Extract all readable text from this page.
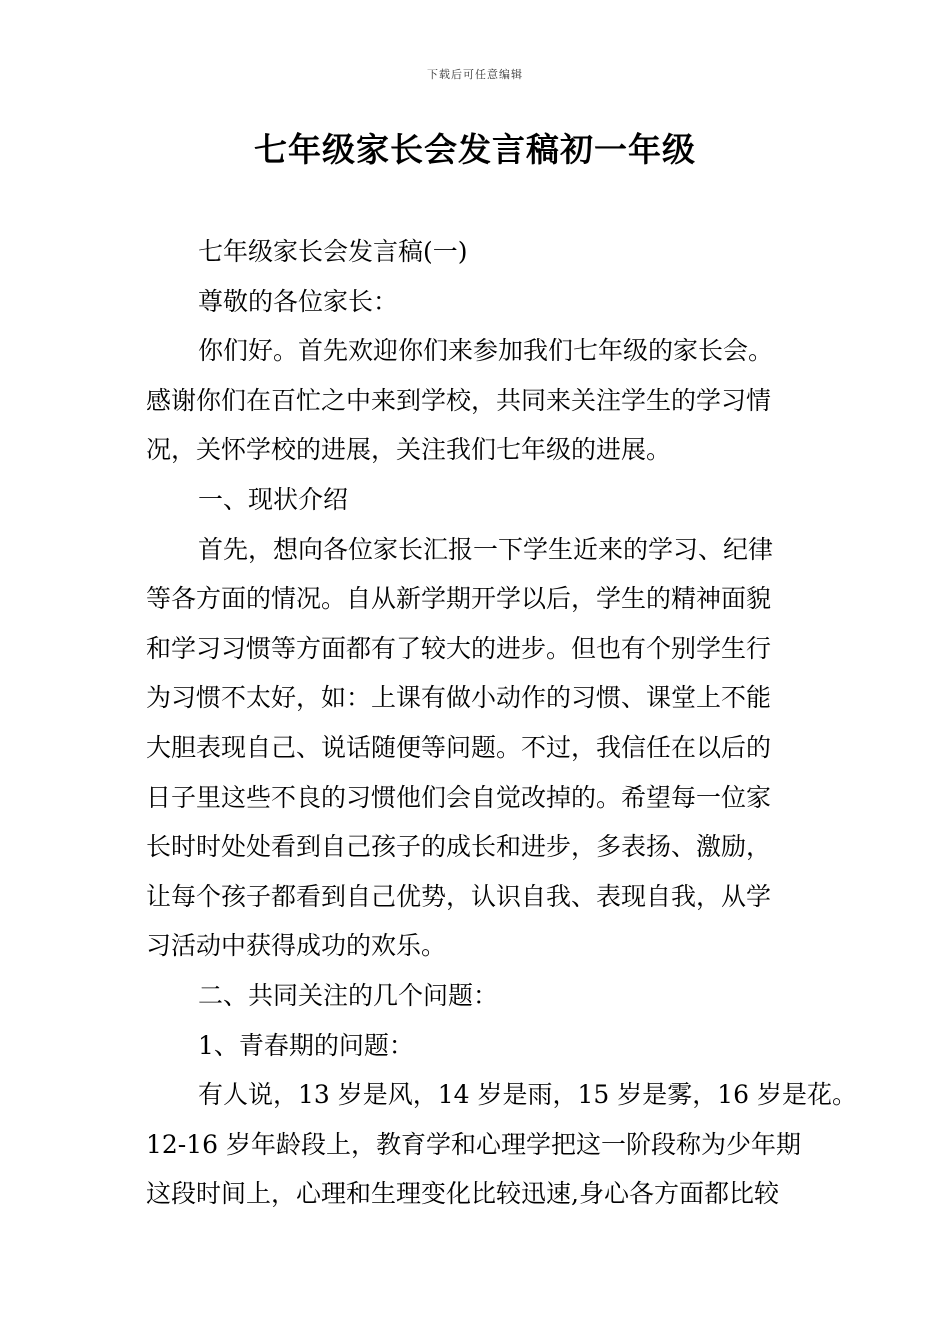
下载后可任意编辑
七年级家长会发言稿初一年级
七年级家长会发言稿(一)
尊敬的各位家长：
你们好。首先欢迎你们来参加我们七年级的家长会。
感谢你们在百忙之中来到学校，共同来关注学生的学习情
况，关怀学校的进展，关注我们七年级的进展。
一、现状介绍
首先，想向各位家长汇报一下学生近来的学习、纪律
等各方面的情况。自从新学期开学以后，学生的精神面貌
和学习习惯等方面都有了较大的进步。但也有个别学生行
为习惯不太好，如：上课有做小动作的习惯、课堂上不能
大胆表现自己、说话随便等问题。不过，我信任在以后的
日子里这些不良的习惯他们会自觉改掉的。希望每一位家
长时时处处看到自己孩子的成长和进步，多表扬、激励，
让每个孩子都看到自己优势，认识自我、表现自我，从学
习活动中获得成功的欢乐。
二、共同关注的几个问题：
1、青春期的问题：
有人说，13 岁是风，14 岁是雨，15 岁是雾，16 岁是花。
12-16 岁年龄段上，教育学和心理学把这一阶段称为少年期
这段时间上，心理和生理变化比较迅速,身心各方面都比较
